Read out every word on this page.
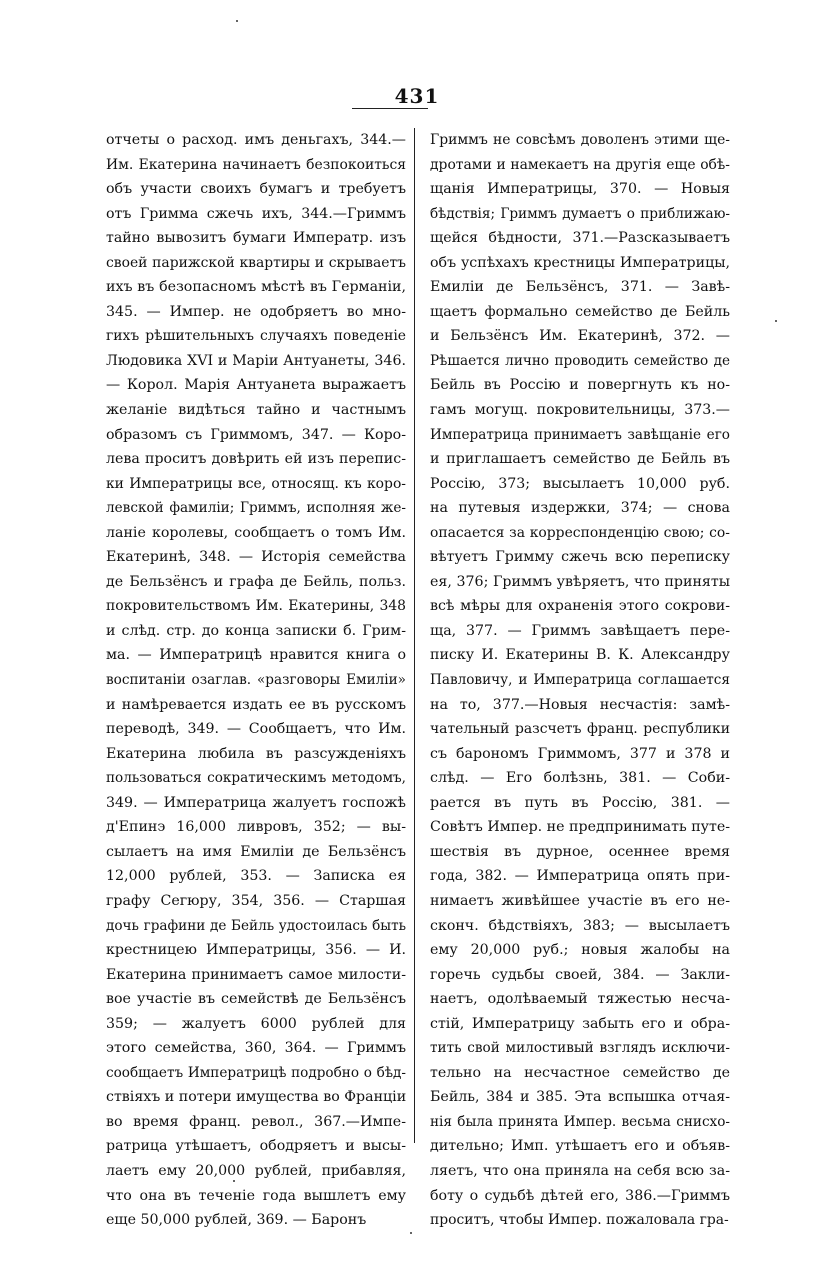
431
отчеты о расход. имъ деньгахъ, 344.—
Им. Екатерина начинаетъ безпокоиться
объ участи своихъ бумагъ и требуетъ
отъ Гримма сжечь ихъ, 344.—Гриммъ
тайно вывозитъ бумаги Императр. изъ
своей парижской квартиры и скрываетъ
ихъ въ безопасномъ мѣстѣ въ Германіи,
345. — Импер. не одобряетъ во мно-
гихъ рѣшительныхъ случаяхъ поведеніе
Людовика XVI и Маріи Антуанеты, 346.
— Корол. Марія Антуанета выражаетъ
желаніе видѣться тайно и частнымъ
образомъ съ Гриммомъ, 347. — Коро-
лева проситъ довѣрить ей изъ перепис-
ки Императрицы все, относящ. къ коро-
левской фамиліи; Гриммъ, исполняя же-
ланіе королевы, сообщаетъ о томъ Им.
Екатеринѣ, 348. — Исторія семейства
де Бельзёнсъ и графа де Бейль, польз.
покровительствомъ Им. Екатерины, 348
и слѣд. стр. до конца записки б. Грим-
ма. — Императрицѣ нравится книга о
воспитаніи озаглав. «разговоры Емиліи»
и намѣревается издать ее въ русскомъ
переводѣ, 349. — Сообщаетъ, что Им.
Екатерина любила въ разсужденіяхъ
пользоваться сократическимъ методомъ,
349. — Императрица жалуетъ госпожѣ
д'Епинэ 16,000 ливровъ, 352; — вы-
сылаетъ на имя Емиліи де Бельзёнсъ
12,000 рублей, 353. — Записка ея
графу Сегюру, 354, 356. — Старшая
дочь графини де Бейль удостоилась быть
крестницею Императрицы, 356. — И.
Екатерина принимаетъ самое милости-
вое участіе въ семействѣ де Бельзёнсъ
359; — жалуетъ 6000 рублей для
этого семейства, 360, 364. — Гриммъ
сообщаетъ Императрицѣ подробно о бѣд-
ствіяхъ и потери имущества во Франціи
во время франц. револ., 367.—Импе-
ратрица утѣшаетъ, ободряетъ и высы-
лаетъ ему 20,000 рублей, прибавляя,
что она въ теченіе года вышлетъ ему
еще 50,000 рублей, 369. — Баронъ
Гриммъ не совсѣмъ доволенъ этими ще-
дротами и намекаетъ на другія еще обѣ-
щанія Императрицы, 370. — Новыя
бѣдствія; Гриммъ думаетъ о приближаю-
щейся бѣдности, 371.—Разсказываетъ
объ успѣхахъ крестницы Императрицы,
Емиліи де Бельзёнсъ, 371. — Завѣ-
щаетъ формально семейство де Бейль
и Бельзёнсъ Им. Екатеринѣ, 372. —
Рѣшается лично проводить семейство де
Бейль въ Россію и повергнуть къ но-
гамъ могущ. покровительницы, 373.—
Императрица принимаетъ завѣщаніе его
и приглашаетъ семейство де Бейль въ
Россію, 373; высылаетъ 10,000 руб.
на путевыя издержки, 374; — снова
опасается за корреспонденцію свою; со-
вѣтуетъ Гримму сжечь всю переписку
ея, 376; Гриммъ увѣряетъ, что приняты
всѣ мѣры для охраненія этого сокрови-
ща, 377. — Гриммъ завѣщаетъ пере-
писку И. Екатерины В. К. Александру
Павловичу, и Императрица соглашается
на то, 377.—Новыя несчастія: замѣ-
чательный разсчетъ франц. республики
съ барономъ Гриммомъ, 377 и 378 и
слѣд. — Его болѣзнь, 381. — Соби-
рается въ путь въ Россію, 381. —
Совѣтъ Импер. не предпринимать путе-
шествія въ дурное, осеннее время
года, 382. — Императрица опять при-
нимаетъ живѣйшее участіе въ его не-
сконч. бѣдствіяхъ, 383; — высылаетъ
ему 20,000 руб.; новыя жалобы на
горечь судьбы своей, 384. — Закли-
наетъ, одолѣваемый тяжестью несча-
стій, Императрицу забыть его и обра-
тить свой милостивый взглядъ исключи-
тельно на несчастное семейство де
Бейль, 384 и 385. Эта вспышка отчая-
нія была принята Импер. весьма снисхо-
дительно; Имп. утѣшаетъ его и объяв-
ляетъ, что она приняла на себя всю за-
боту о судьбѣ дѣтей его, 386.—Гриммъ
проситъ, чтобы Импер. пожаловала гра-
